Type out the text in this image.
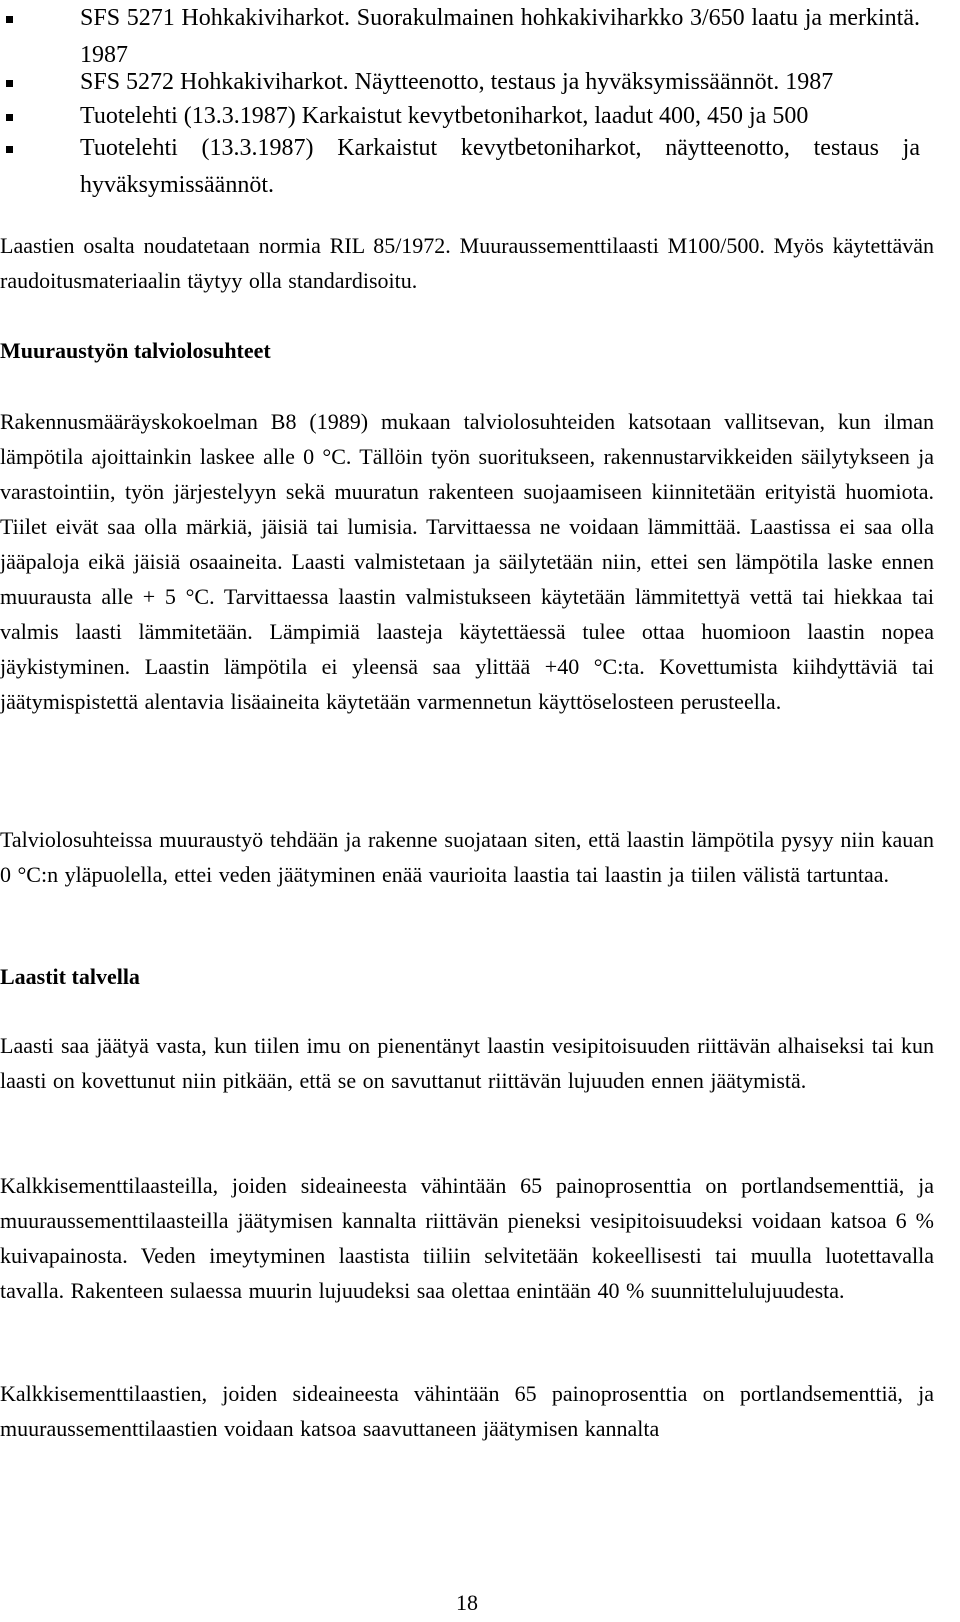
SFS 5271 Hohkakiviharkot. Suorakulmainen hohkakiviharkko 3/650 laatu ja merkintä. 1987
SFS 5272 Hohkakiviharkot. Näytteenotto, testaus ja hyväksymissäännöt. 1987
Tuotelehti (13.3.1987) Karkaistut kevytbetoniharkot, laadut 400, 450 ja 500
Tuotelehti (13.3.1987) Karkaistut kevytbetoniharkot, näytteenotto, testaus ja hyväksymissäännöt.
Laastien osalta noudatetaan normia RIL 85/1972. Muuraussementtilaasti M100/500. Myös käytettävän raudoitusmateriaalin täytyy olla standardisoitu.
Muuraustyön talviolosuhteet
Rakennusmääräyskokoelman B8 (1989) mukaan talviolosuhteiden katsotaan vallitsevan, kun ilman lämpötila ajoittainkin laskee alle 0 °C. Tällöin työn suoritukseen, rakennustarvikkeiden säilytykseen ja varastointiin, työn järjestelyyn sekä muuratun rakenteen suojaamiseen kiinnitetään erityistä huomiota. Tiilet eivät saa olla märkiä, jäisiä tai lumisia. Tarvittaessa ne voidaan lämmittää. Laastissa ei saa olla jääpaloja eikä jäisiä osaaineita. Laasti valmistetaan ja säilytetään niin, ettei sen lämpötila laske ennen muurausta alle + 5 °C. Tarvittaessa laastin valmistukseen käytetään lämmitettyä vettä tai hiekkaa tai valmis laasti lämmitetään. Lämpimiä laasteja käytettäessä tulee ottaa huomioon laastin nopea jäykistyminen. Laastin lämpötila ei yleensä saa ylittää +40 °C:ta. Kovettumista kiihdyttäviä tai jäätymispistettä alentavia lisäaineita käytetään varmennetun käyttöselosteen perusteella.
Talviolosuhteissa muuraustyö tehdään ja rakenne suojataan siten, että laastin lämpötila pysyy niin kauan 0 °C:n yläpuolella, ettei veden jäätyminen enää vaurioita laastia tai laastin ja tiilen välistä tartuntaa.
Laastit talvella
Laasti saa jäätyä vasta, kun tiilen imu on pienentänyt laastin vesipitoisuuden riittävän alhaiseksi tai kun laasti on kovettunut niin pitkään, että se on savuttanut riittävän lujuuden ennen jäätymistä.
Kalkkisementtilaasteilla, joiden sideaineesta vähintään 65 painoprosenttia on portlandsementtiä, ja muuraussementtilaasteilla jäätymisen kannalta riittävän pieneksi vesipitoisuudeksi voidaan katsoa 6 % kuivapainosta. Veden imeytyminen laastista tiiliin selvitetään kokeellisesti tai muulla luotettavalla tavalla. Rakenteen sulaessa muurin lujuudeksi saa olettaa enintään 40 % suunnittelulujuudesta.
Kalkkisementtilaastien, joiden sideaineesta vähintään 65 painoprosenttia on portlandsementtiä, ja muuraussementtilaastien voidaan katsoa saavuttaneen jäätymisen kannalta
18
